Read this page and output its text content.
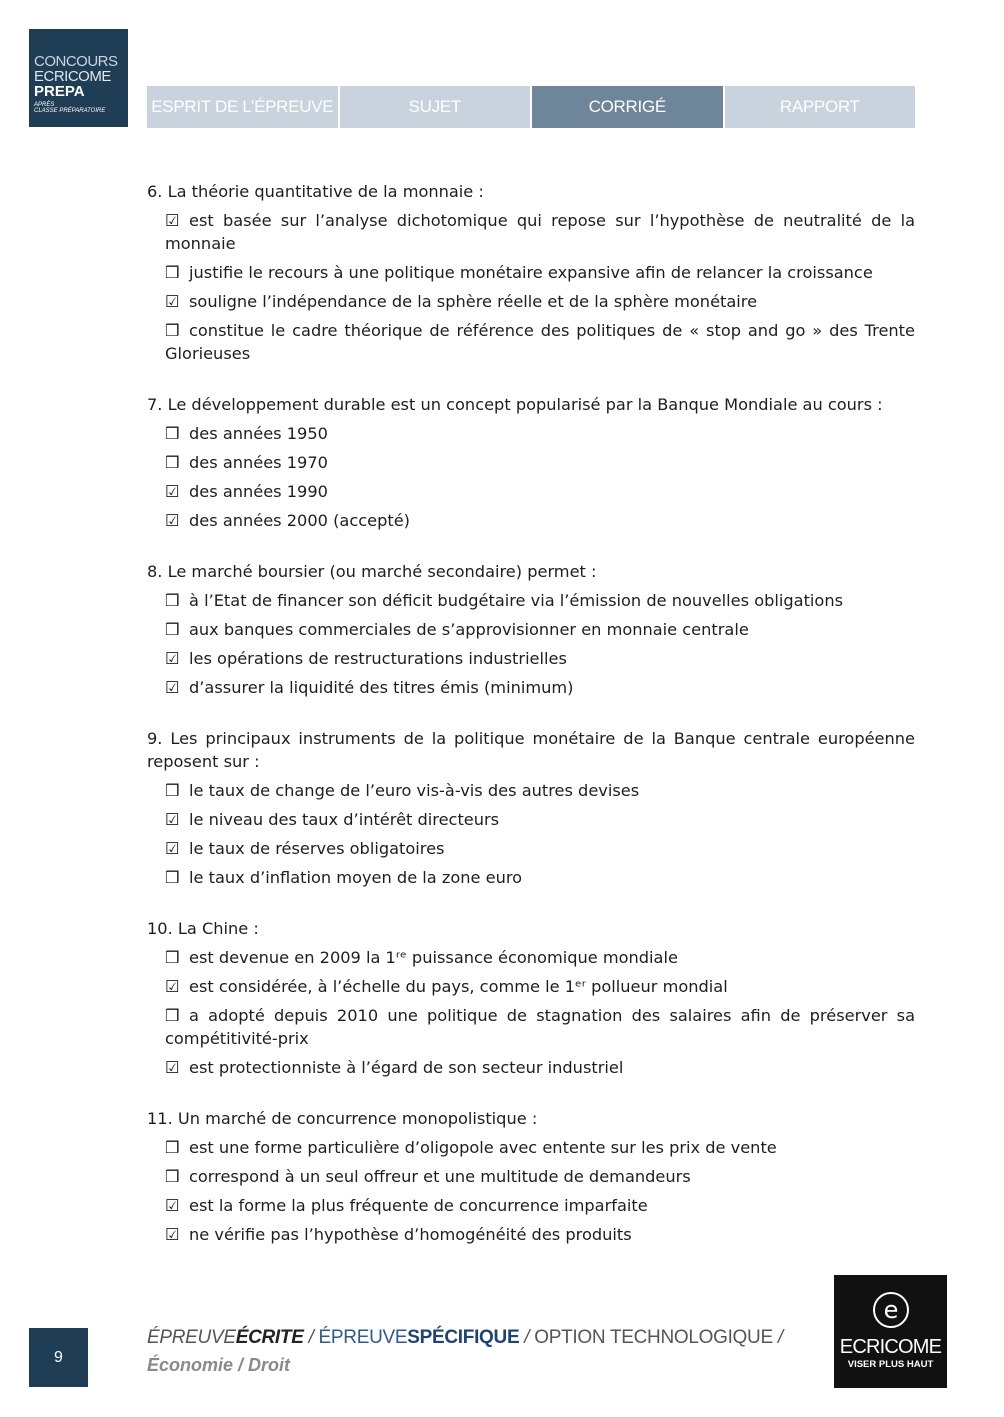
CONCOURS
ECRICOME
PREPA
APRÈS
CLASSE PRÉPARATOIRE	ESPRIT DE L’ÉPREUVE	SUJET	CORRIGÉ	RAPPORT

6. La théorie quantitative de la monnaie :

☑ est basée sur l’analyse dichotomique qui repose sur l’hypothèse de neutralité de la monnaie

❒ justifie le recours à une politique monétaire expansive afin de relancer la croissance

☑ souligne l’indépendance de la sphère réelle et de la sphère monétaire

❒ constitue le cadre théorique de référence des politiques de « stop and go » des Trente Glorieuses

7. Le développement durable est un concept popularisé par la Banque Mondiale au cours :

❒ des années 1950

❒ des années 1970

☑ des années 1990

☑ des années 2000 (accepté)

8. Le marché boursier (ou marché secondaire) permet :

❒ à l’Etat de financer son déficit budgétaire via l’émission de nouvelles obligations

❒ aux banques commerciales de s’approvisionner en monnaie centrale

☑ les opérations de restructurations industrielles

☑ d’assurer la liquidité des titres émis (minimum)

9. Les principaux instruments de la politique monétaire de la Banque centrale européenne reposent sur :

❒ le taux de change de l’euro vis-à-vis des autres devises

☑ le niveau des taux d’intérêt directeurs

☑ le taux de réserves obligatoires

❒ le taux d’inflation moyen de la zone euro

10. La Chine :

❒ est devenue en 2009 la 1ʳᵉ puissance économique mondiale

☑ est considérée, à l’échelle du pays, comme le 1ᵉʳ pollueur mondial

❒ a adopté depuis 2010 une politique de stagnation des salaires afin de préserver sa compétitivité-prix

☑ est protectionniste à l’égard de son secteur industriel

11. Un marché de concurrence monopolistique :

❒ est une forme particulière d’oligopole avec entente sur les prix de vente

❒ correspond à un seul offreur et une multitude de demandeurs

☑ est la forme la plus fréquente de concurrence imparfaite

☑ ne vérifie pas l’hypothèse d’homogénéité des produits

9
ÉPREUVEÉCRITE / ÉPREUVESPÉCIFIQUE / OPTION TECHNOLOGIQUE /
Économie / Droit
e
ECRICOME
VISER PLUS HAUT
